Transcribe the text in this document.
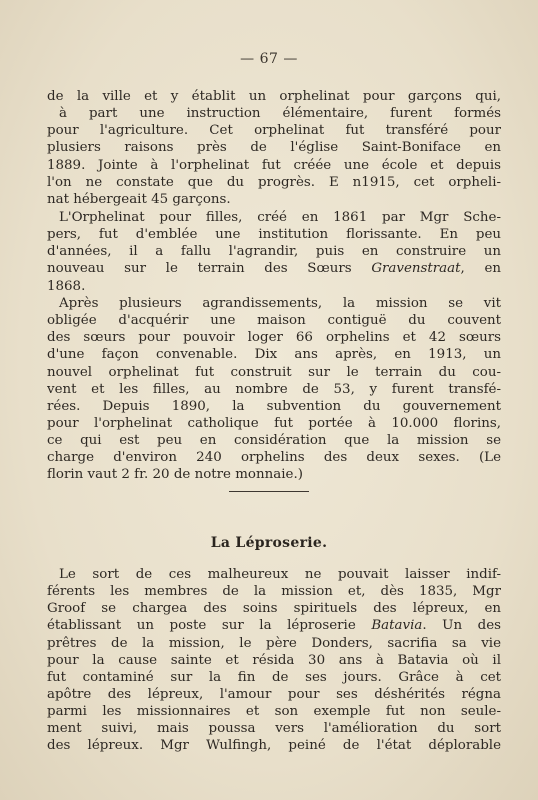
— 67 —
de la ville et y établit un orphelinat pour garçons qui,
à part une instruction élémentaire, furent formés
pour l'agriculture. Cet orphelinat fut transféré pour
plusiers raisons près de l'église Saint-Boniface en
1889. Jointe à l'orphelinat fut créée une école et depuis
l'on ne constate que du progrès. E n1915, cet orpheli-
nat hébergeait 45 garçons.
L'Orphelinat pour filles, créé en 1861 par Mgr Sche-
pers, fut d'emblée une institution florissante. En peu
d'années, il a fallu l'agrandir, puis en construire un
nouveau sur le terrain des Sœurs Gravenstraat, en
1868.
Après plusieurs agrandissements, la mission se vit
obligée d'acquérir une maison contiguë du couvent
des sœurs pour pouvoir loger 66 orphelins et 42 sœurs
d'une façon convenable. Dix ans après, en 1913, un
nouvel orphelinat fut construit sur le terrain du cou-
vent et les filles, au nombre de 53, y furent transfé-
rées. Depuis 1890, la subvention du gouvernement
pour l'orphelinat catholique fut portée à 10.000 florins,
ce qui est peu en considération que la mission se
charge d'environ 240 orphelins des deux sexes. (Le
florin vaut 2 fr. 20 de notre monnaie.)
La Léproserie.
Le sort de ces malheureux ne pouvait laisser indif-
férents les membres de la mission et, dès 1835, Mgr
Groof se chargea des soins spirituels des lépreux, en
établissant un poste sur la léproserie Batavia. Un des
prêtres de la mission, le père Donders, sacrifia sa vie
pour la cause sainte et résida 30 ans à Batavia où il
fut contaminé sur la fin de ses jours. Grâce à cet
apôtre des lépreux, l'amour pour ses déshérités régna
parmi les missionnaires et son exemple fut non seule-
ment suivi, mais poussa vers l'amélioration du sort
des lépreux. Mgr Wulfingh, peiné de l'état déplorable
